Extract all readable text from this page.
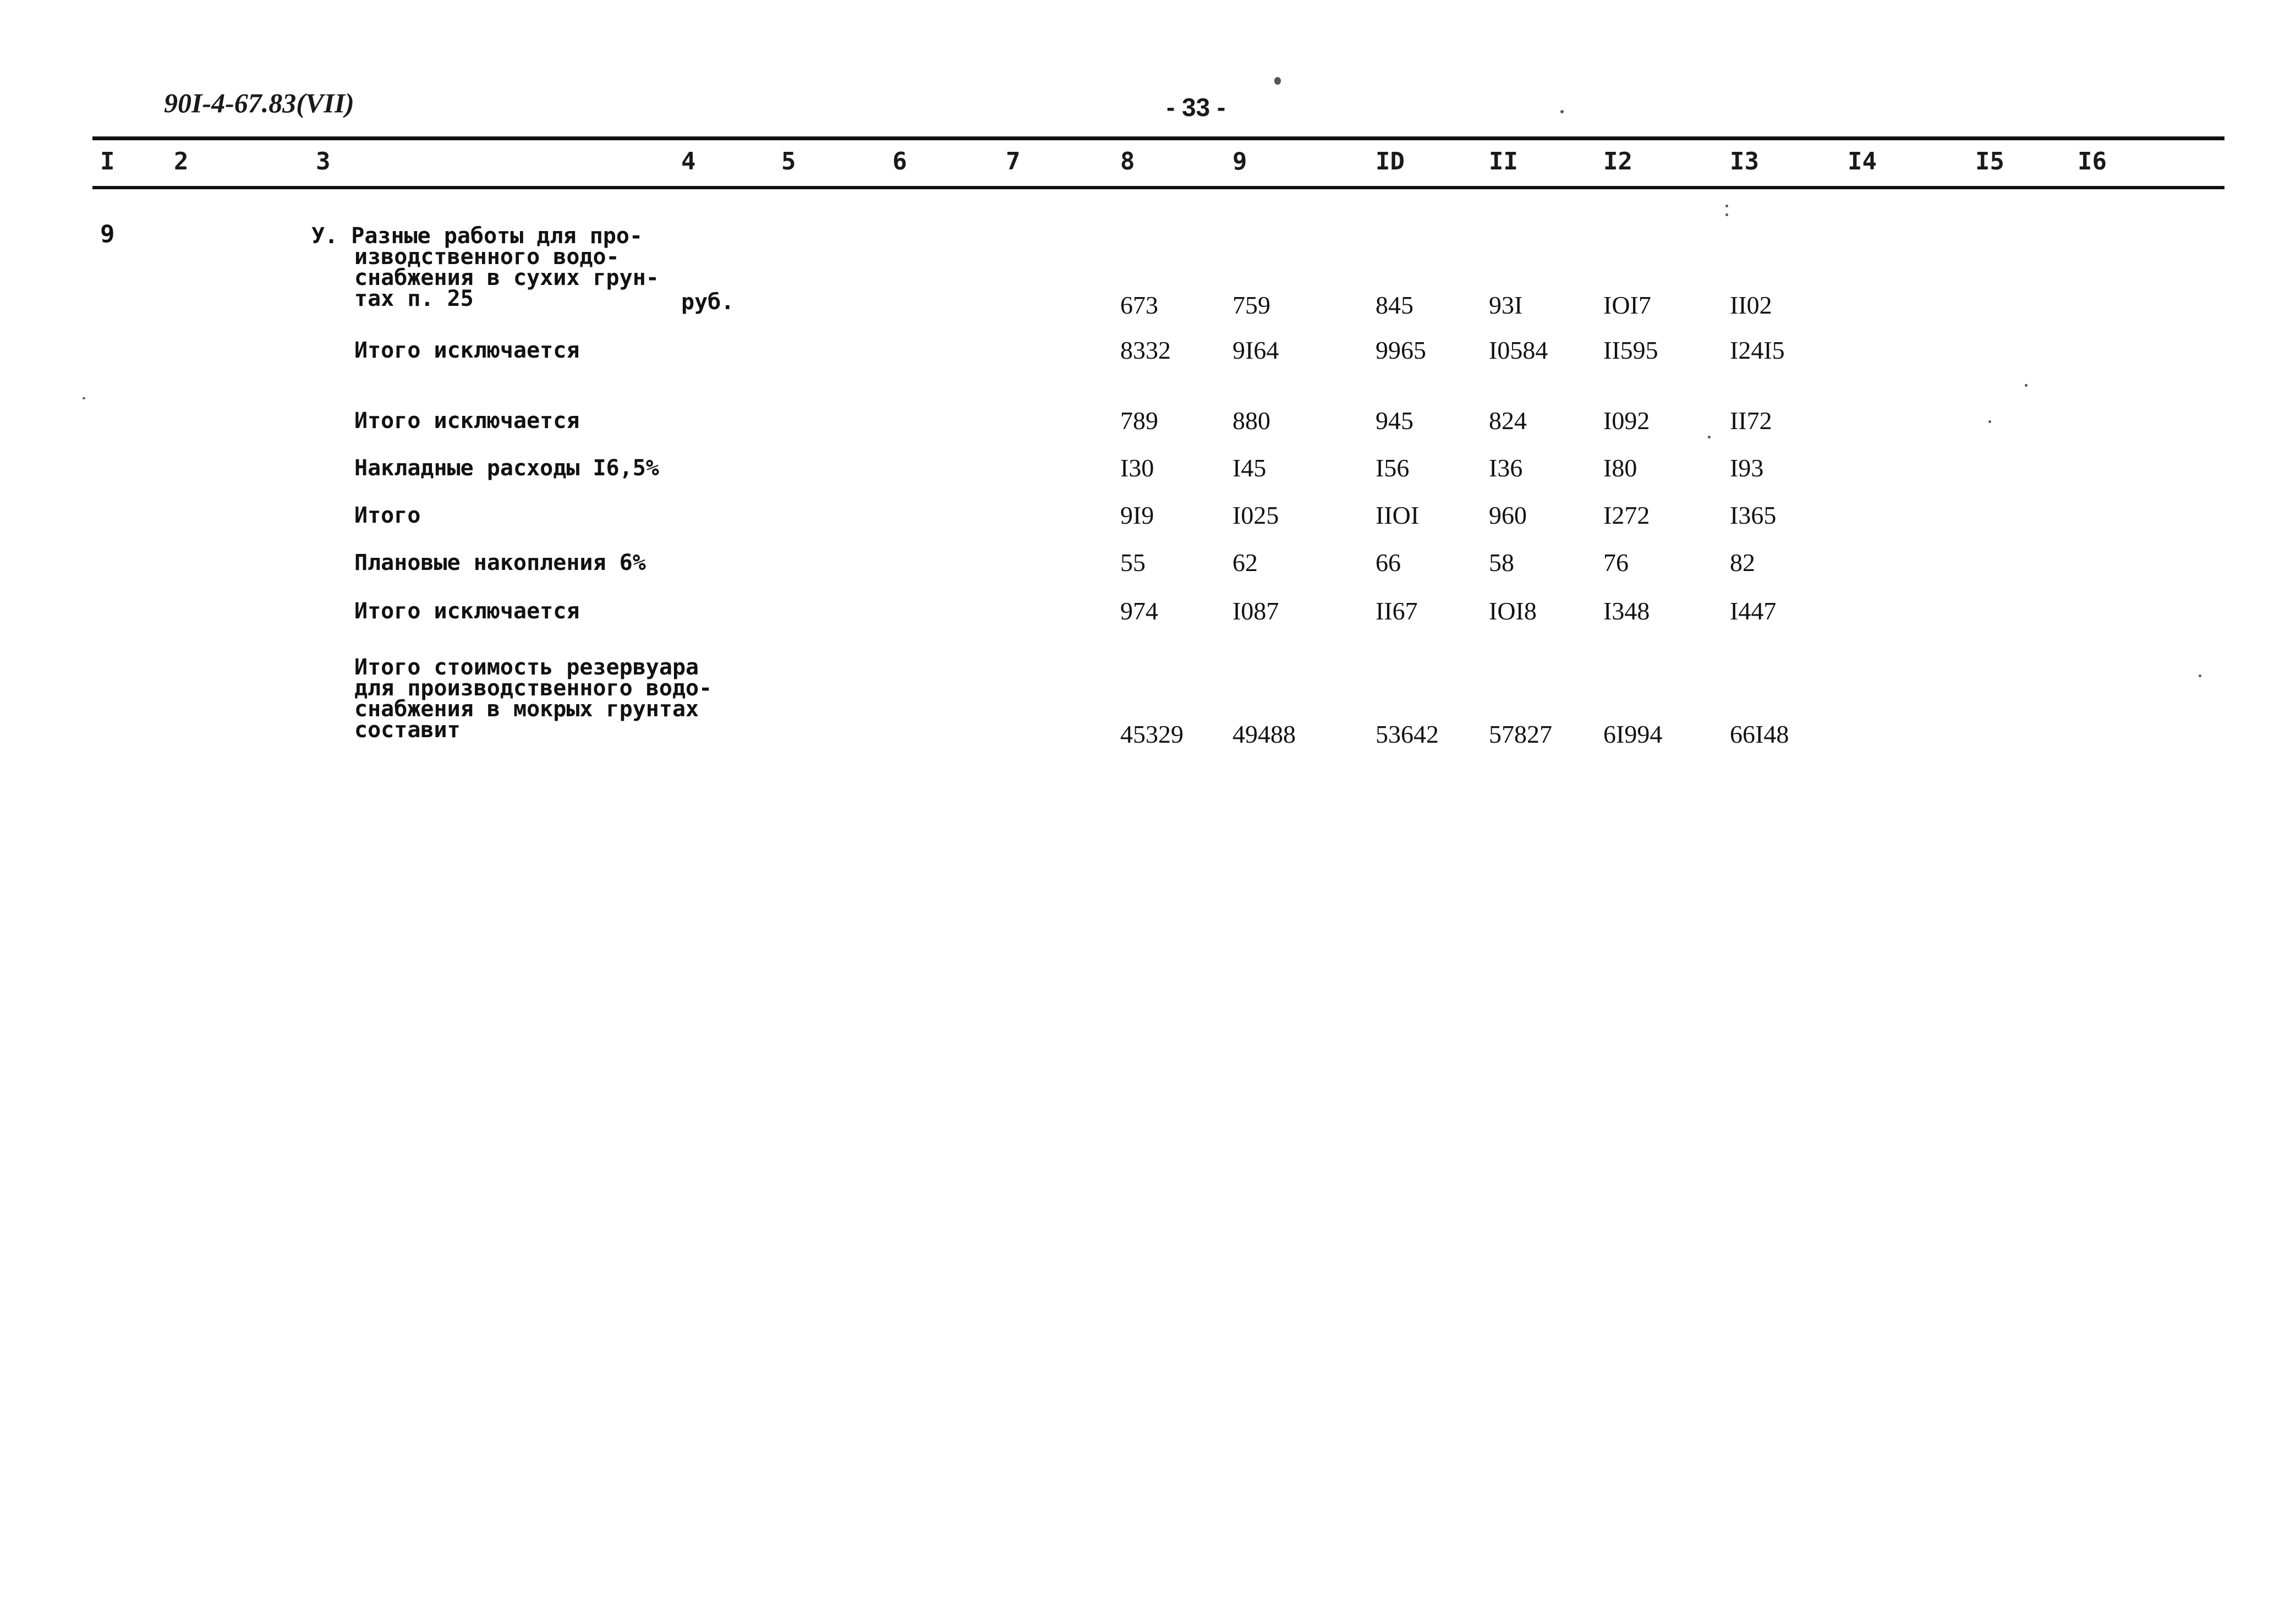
90I-4-67.83(VII)	- 33 -
I 2	3	4	5	6	7	8	9	ID	II	I2	I3	I4	I5	I6
9	У. Разные работы для про-
изводственного водо-
снабжения в сухих грун-
тах п. 25	руб.	673	759	845	93I	IOI7	II02
Итого исключается	8332 9I64	9965 I0584 II595	I24I5
Итого исключается	789	880	945	824	I092	II72
Накладные расходы I6,5%	I30	I45	I56	I36	I80	I93
Итого	9I9	I025	IIOI	960	I272	I365
Плановые накопления 6%	55	62	66	58	76	82
Итого исключается	974	I087	II67	IOI8	I348	I447
Итого стоимость резервуара
для производственного водо-
снабжения в мокрых грунтах
составит	45329 49488	53642 57827 6I994	66I48
